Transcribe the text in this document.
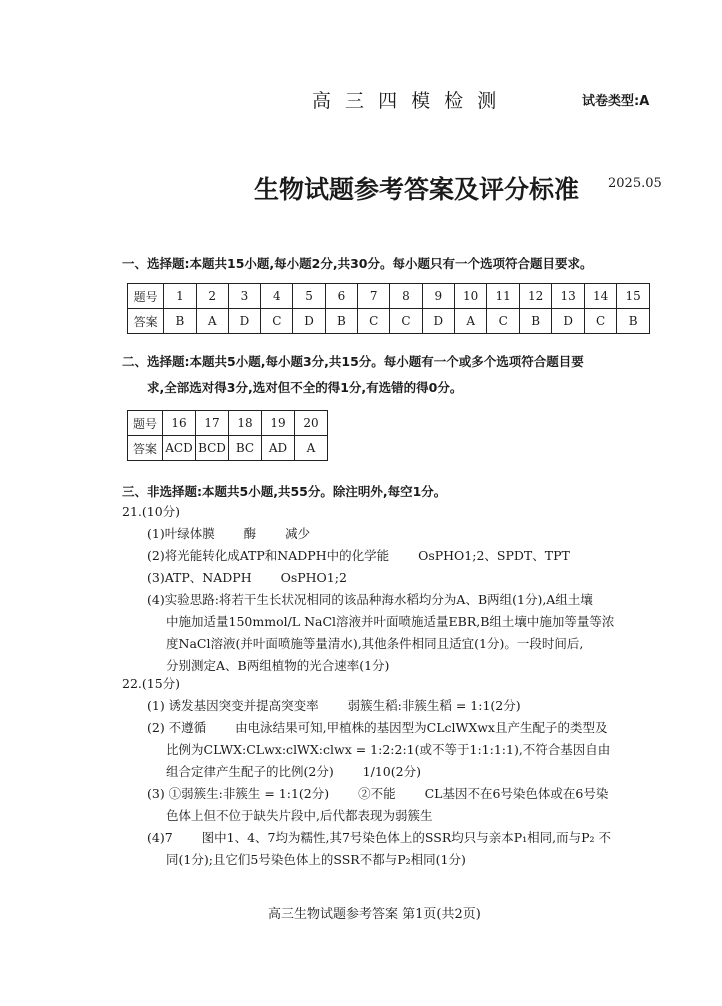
高 三 四 模 检 测	试卷类型:A
生物试题参考答案及评分标准 2025.05
一、选择题:本题共15小题,每小题2分,共30分。每小题只有一个选项符合题目要求。
题号	1	2	3	4	5	6	7	8	9	10	11	12	13	14	15
答案	B	A	D	C	D	B	C	C	D	A	C	B	D	C	B
二、选择题:本题共5小题,每小题3分,共15分。每小题有一个或多个选项符合题目要
求,全部选对得3分,选对但不全的得1分,有选错的得0分。
题号	16	17	18	19	20
答案	ACD	BCD	BC	AD	A
三、非选择题:本题共5小题,共55分。除注明外,每空1分。
21.(10分)
(1)叶绿体膜　　 酶　　 减少
(2)将光能转化成ATP和NADPH中的化学能　　 OsPHO1;2、SPDT、TPT
(3)ATP、NADPH　　 OsPHO1;2
(4)实验思路:将若干生长状况相同的该品种海水稻均分为A、B两组(1分),A组土壤
中施加适量150mmol/L NaCl溶液并叶面喷施适量EBR,B组土壤中施加等量等浓
度NaCl溶液(并叶面喷施等量清水),其他条件相同且适宜(1分)。一段时间后,
分别测定A、B两组植物的光合速率(1分)
22.(15分)
(1) 诱发基因突变并提高突变率　　 弱簇生稻:非簇生稻 = 1:1(2分)
(2) 不遵循　　 由电泳结果可知,甲植株的基因型为CLclWXwx且产生配子的类型及
比例为CLWX:CLwx:clWX:clwx = 1:2:2:1(或不等于1:1:1:1),不符合基因自由
组合定律产生配子的比例(2分)　　 1/10(2分)
(3) ①弱簇生:非簇生 = 1:1(2分)　　 ②不能　　 CL基因不在6号染色体或在6号染
色体上但不位于缺失片段中,后代都表现为弱簇生
(4)7　　 图中1、4、7均为糯性,其7号染色体上的SSR均只与亲本P₁相同,而与P₂ 不
同(1分);且它们5号染色体上的SSR不都与P₂相同(1分)
高三生物试题参考答案 第1页(共2页)
